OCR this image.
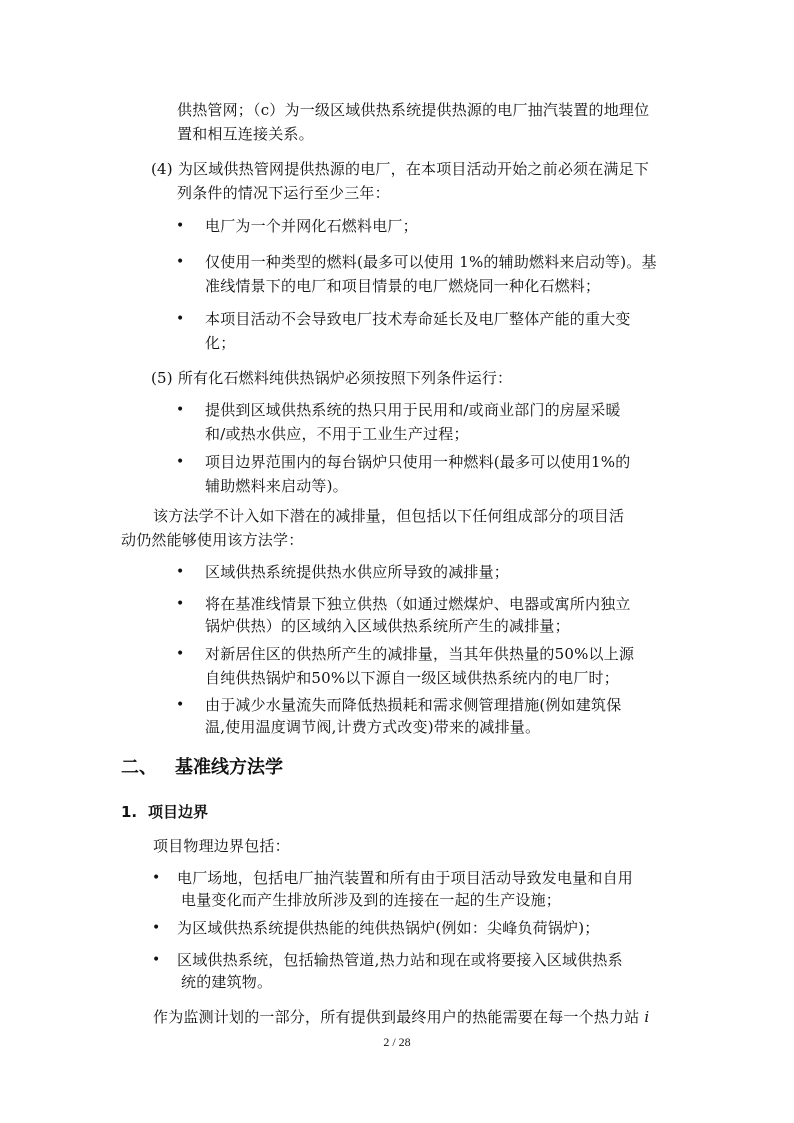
供热管网；（c）为一级区域供热系统提供热源的电厂抽汽装置的地理位
置和相互连接关系。
(4) 为区域供热管网提供热源的电厂，在本项目活动开始之前必须在满足下
列条件的情况下运行至少三年：
• 电厂为一个并网化石燃料电厂；
• 仅使用一种类型的燃料(最多可以使用 1%的辅助燃料来启动等)。基
准线情景下的电厂和项目情景的电厂燃烧同一种化石燃料；
• 本项目活动不会导致电厂技术寿命延长及电厂整体产能的重大变
化；
(5) 所有化石燃料纯供热锅炉必须按照下列条件运行：
• 提供到区域供热系统的热只用于民用和/或商业部门的房屋采暖
和/或热水供应，不用于工业生产过程；
• 项目边界范围内的每台锅炉只使用一种燃料(最多可以使用1%的
辅助燃料来启动等)。
该方法学不计入如下潜在的减排量，但包括以下任何组成部分的项目活
动仍然能够使用该方法学：
• 区域供热系统提供热水供应所导致的减排量；
• 将在基准线情景下独立供热（如通过燃煤炉、电器或寓所内独立
锅炉供热）的区域纳入区域供热系统所产生的减排量；
• 对新居住区的供热所产生的减排量，当其年供热量的50%以上源
自纯供热锅炉和50%以下源自一级区域供热系统内的电厂时；
• 由于减少水量流失而降低热损耗和需求侧管理措施(例如建筑保
温,使用温度调节阀,计费方式改变)带来的减排量。
二、 基准线方法学
1. 项目边界
项目物理边界包括：
• 电厂场地，包括电厂抽汽装置和所有由于项目活动导致发电量和自用
电量变化而产生排放所涉及到的连接在一起的生产设施；
• 为区域供热系统提供热能的纯供热锅炉(例如：尖峰负荷锅炉)；
• 区域供热系统，包括输热管道,热力站和现在或将要接入区域供热系
统的建筑物。
作为监测计划的一部分，所有提供到最终用户的热能需要在每一个热力站 i
2 / 28
